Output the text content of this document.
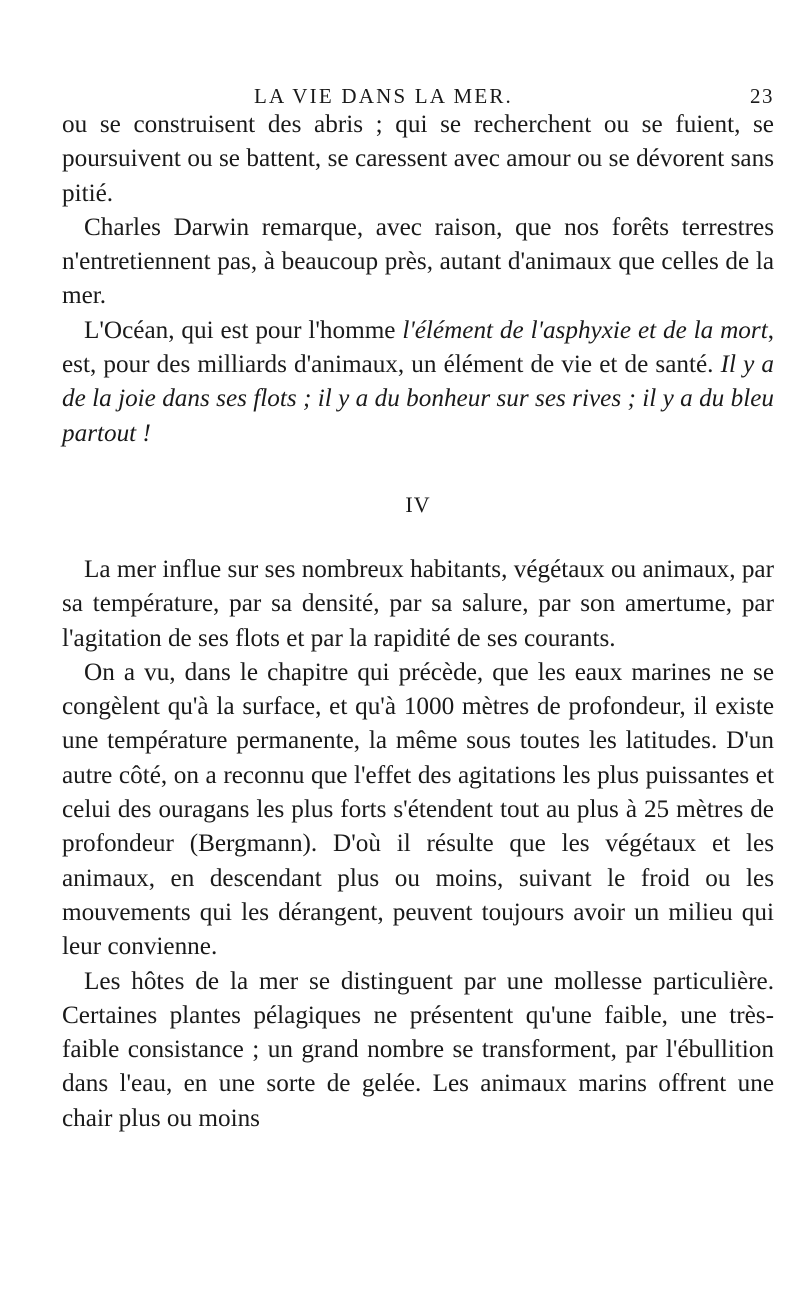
LA VIE DANS LA MER.	23

ou se construisent des abris ; qui se recherchent ou se fuient, se poursuivent ou se battent, se caressent avec amour ou se dévorent sans pitié.

Charles Darwin remarque, avec raison, que nos forêts terrestres n'entretiennent pas, à beaucoup près, autant d'animaux que celles de la mer.

L'Océan, qui est pour l'homme l'élément de l'asphyxie et de la mort, est, pour des milliards d'animaux, un élément de vie et de santé. Il y a de la joie dans ses flots ; il y a du bonheur sur ses rives ; il y a du bleu partout !

IV

La mer influe sur ses nombreux habitants, végétaux ou animaux, par sa température, par sa densité, par sa salure, par son amertume, par l'agitation de ses flots et par la rapidité de ses courants.

On a vu, dans le chapitre qui précède, que les eaux marines ne se congèlent qu'à la surface, et qu'à 1000 mètres de profondeur, il existe une température permanente, la même sous toutes les latitudes. D'un autre côté, on a reconnu que l'effet des agitations les plus puissantes et celui des ouragans les plus forts s'étendent tout au plus à 25 mètres de profondeur (Bergmann). D'où il résulte que les végétaux et les animaux, en descendant plus ou moins, suivant le froid ou les mouvements qui les dérangent, peuvent toujours avoir un milieu qui leur convienne.

Les hôtes de la mer se distinguent par une mollesse particulière. Certaines plantes pélagiques ne présentent qu'une faible, une très-faible consistance ; un grand nombre se transforment, par l'ébullition dans l'eau, en une sorte de gelée. Les animaux marins offrent une chair plus ou moins
